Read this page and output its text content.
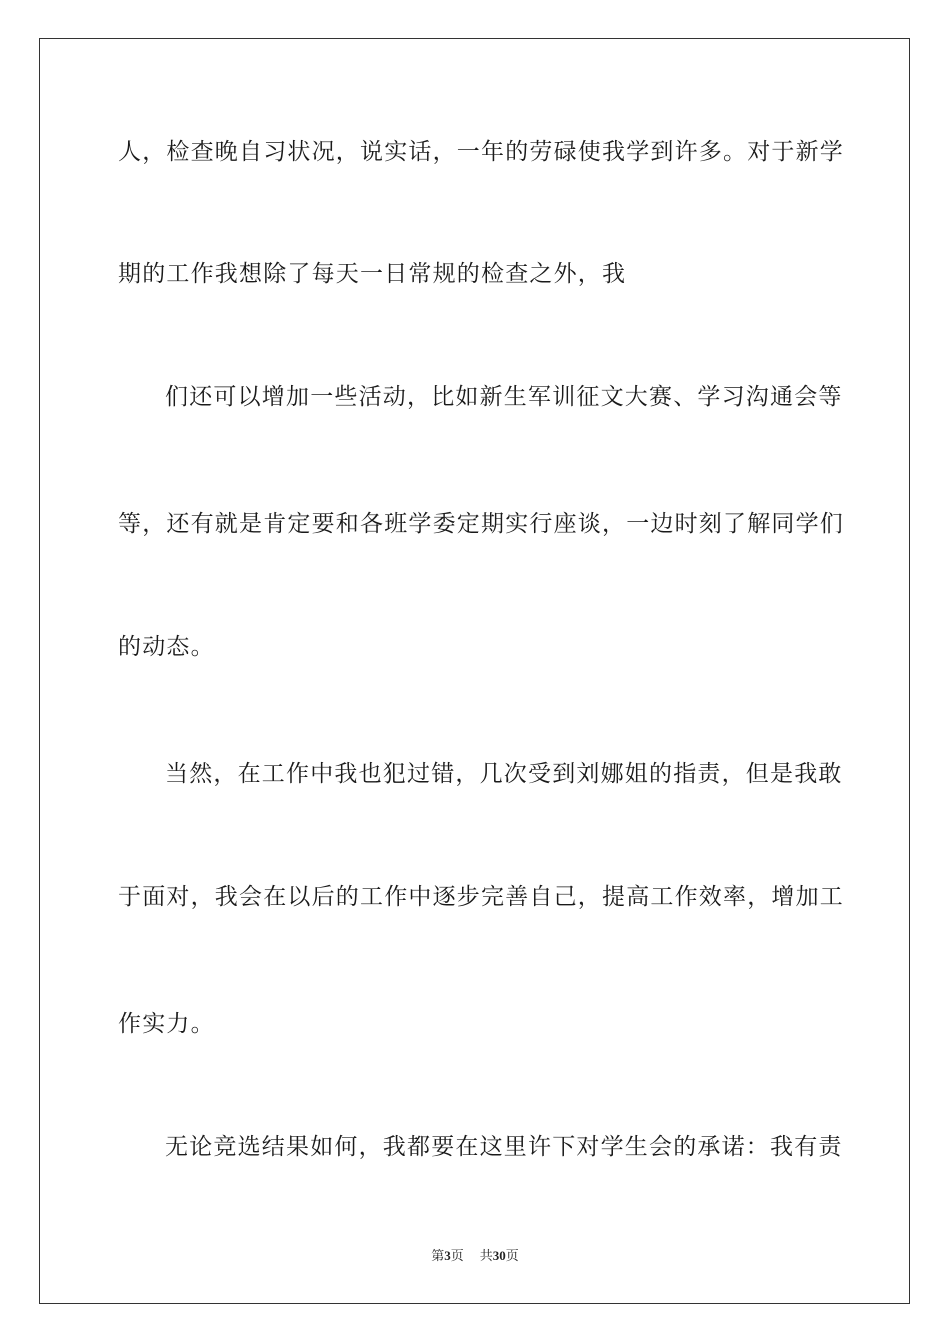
人，检查晚自习状况，说实话，一年的劳碌使我学到许多。对于新学
期的工作我想除了每天一日常规的检查之外，我
们还可以增加一些活动，比如新生军训征文大赛、学习沟通会等
等，还有就是肯定要和各班学委定期实行座谈，一边时刻了解同学们
的动态。
当然，在工作中我也犯过错，几次受到刘娜姐的指责，但是我敢
于面对，我会在以后的工作中逐步完善自己，提高工作效率，增加工
作实力。
无论竞选结果如何，我都要在这里许下对学生会的承诺：我有责
第3页 共30页
